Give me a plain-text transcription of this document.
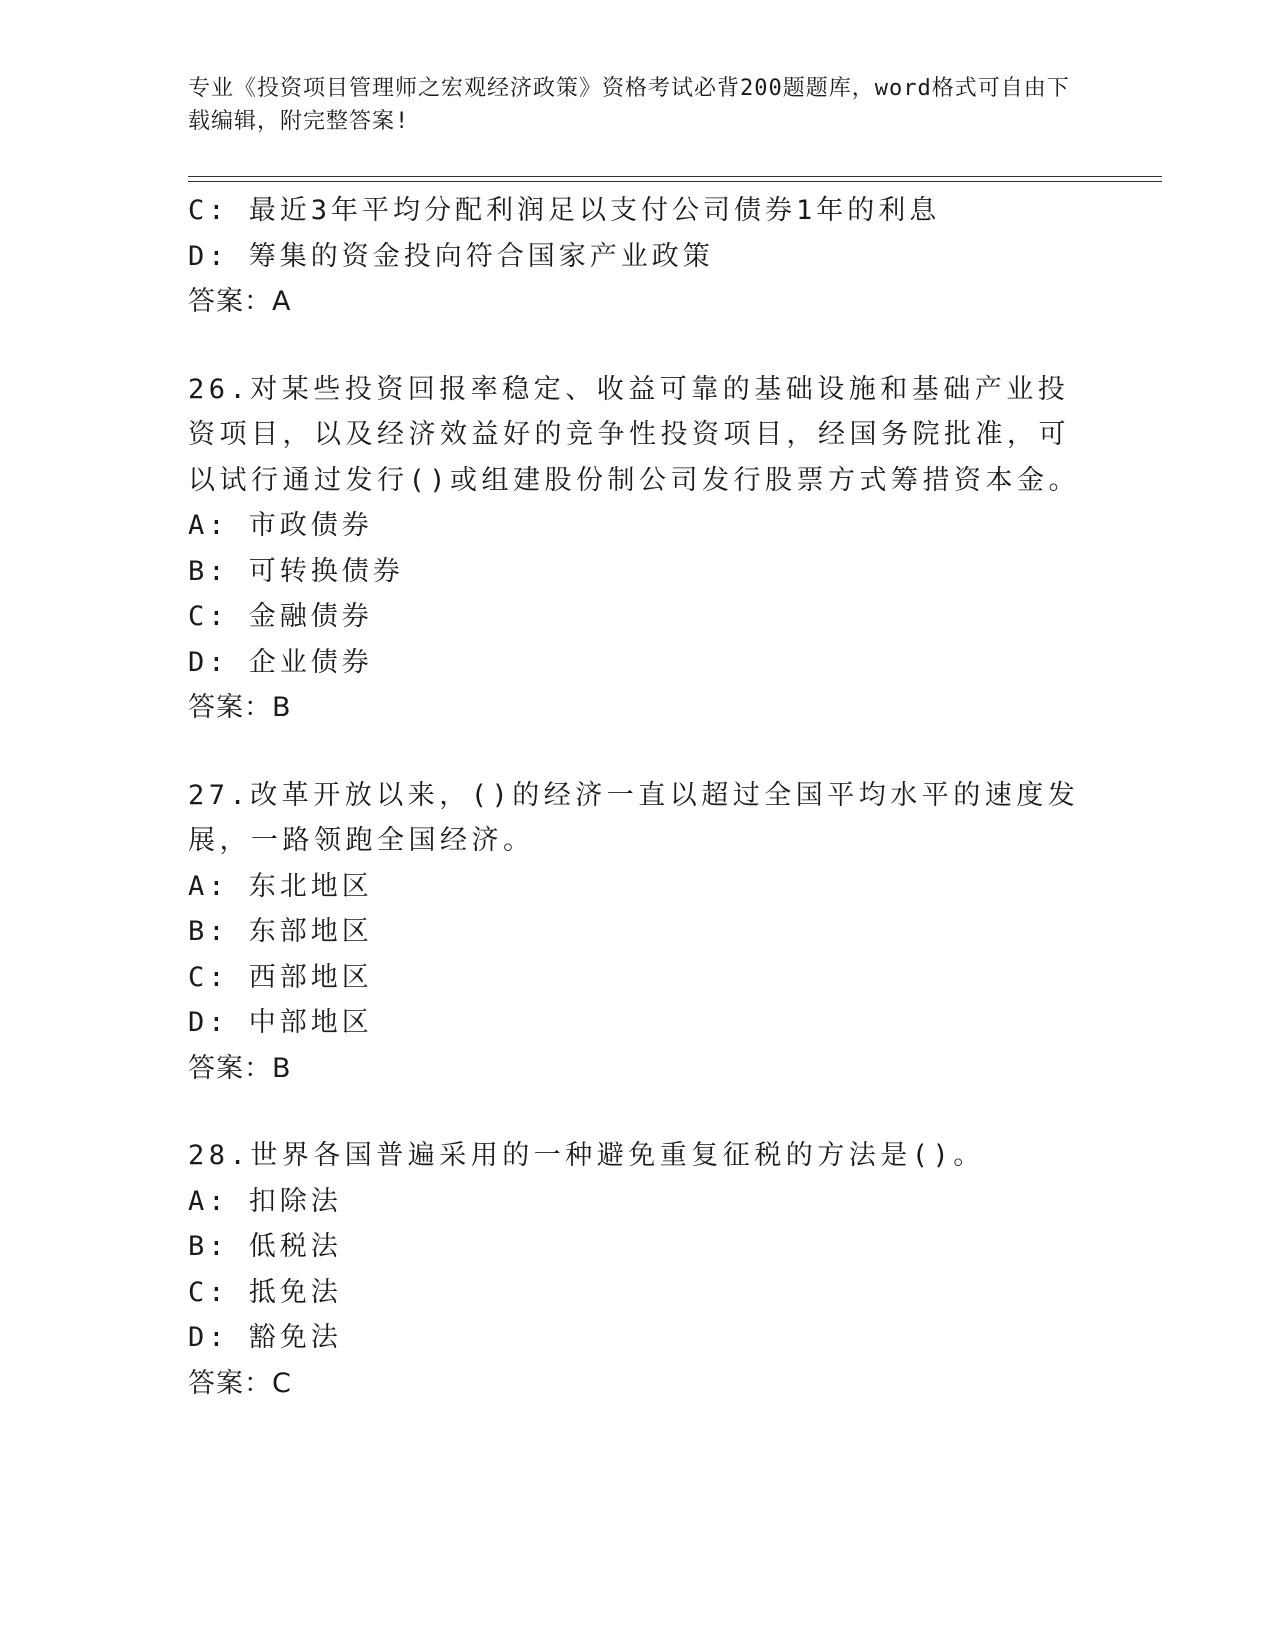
专业《投资项目管理师之宏观经济政策》资格考试必背200题题库，word格式可自由下载编辑，附完整答案!
C: 最近3年平均分配利润足以支付公司债券1年的利息
D: 筹集的资金投向符合国家产业政策
答案：A
26.对某些投资回报率稳定、收益可靠的基础设施和基础产业投资项目，以及经济效益好的竞争性投资项目，经国务院批准，可以试行通过发行()或组建股份制公司发行股票方式筹措资本金。
A: 市政债券
B: 可转换债券
C: 金融债券
D: 企业债券
答案：B
27.改革开放以来，()的经济一直以超过全国平均水平的速度发展，一路领跑全国经济。
A: 东北地区
B: 东部地区
C: 西部地区
D: 中部地区
答案：B
28.世界各国普遍采用的一种避免重复征税的方法是()。
A: 扣除法
B: 低税法
C: 抵免法
D: 豁免法
答案：C
